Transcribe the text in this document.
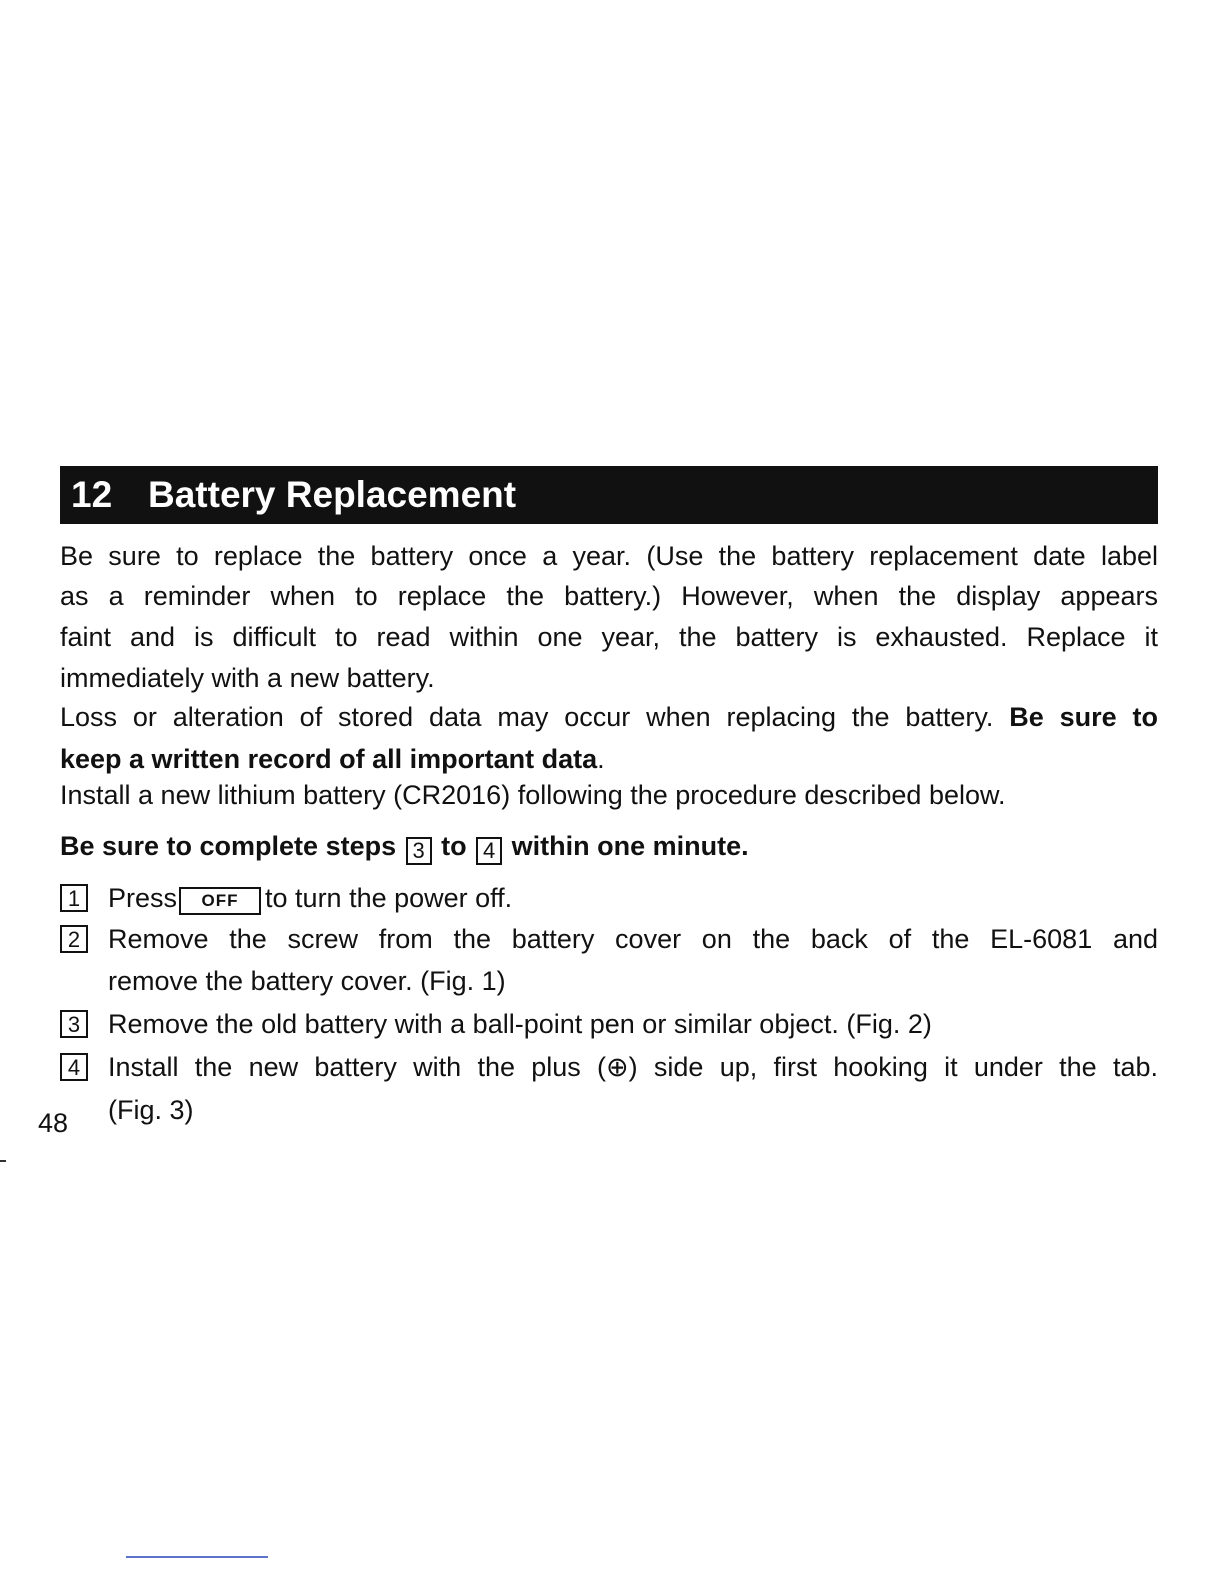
12 Battery Replacement
Be sure to replace the battery once a year. (Use the battery replacement date label
as a reminder when to replace the battery.) However, when the display appears
faint and is difficult to read within one year, the battery is exhausted. Replace it
immediately with a new battery.
Loss or alteration of stored data may occur when replacing the battery. Be sure to
keep a written record of all important data.
Install a new lithium battery (CR2016) following the procedure described below.
Be sure to complete steps 3 to 4 within one minute.
1 Press OFF to turn the power off.
2 Remove the screw from the battery cover on the back of the EL-6081 and
remove the battery cover. (Fig. 1)
3 Remove the old battery with a ball-point pen or similar object. (Fig. 2)
4 Install the new battery with the plus (⊕) side up, first hooking it under the tab.
(Fig. 3)
48
